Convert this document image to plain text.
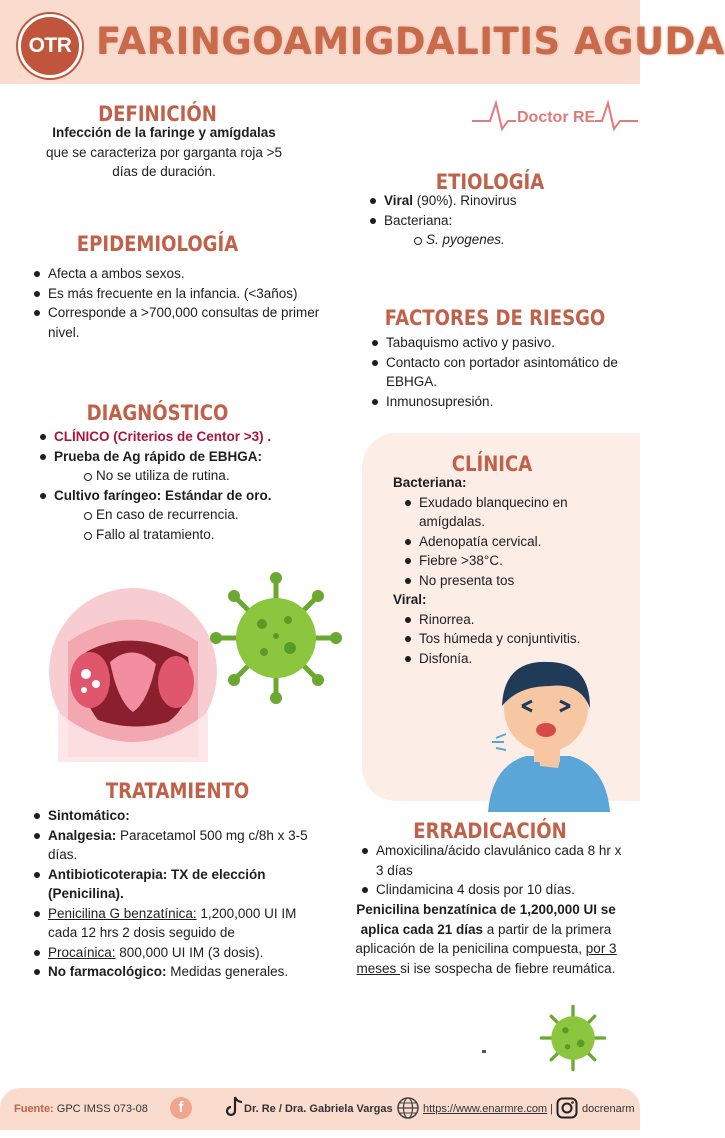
OTR FARINGOAMIGDALITIS AGUDA
Doctor RE
DEFINICIÓN
Infección de la faringe y amígdalas
que se caracteriza por garganta roja >5
días de duración.	ETIOLOGÍA
Viral (90%). Rinovirus
Bacteriana:
S. pyogenes.
EPIDEMIOLOGÍA
Afecta a ambos sexos.
Es más frecuente en la infancia. (<3años)
Corresponde a >700,000 consultas de primer nivel.
FACTORES DE RIESGO
Tabaquismo activo y pasivo.
Contacto con portador asintomático de EBHGA.
Inmunosupresión.
DIAGNÓSTICO
CLÍNICO (Criterios de Centor >3) .
Prueba de Ag rápido de EBHGA:
No se utiliza de rutina.
Cultivo faríngeo: Estándar de oro.
En caso de recurrencia.
Fallo al tratamiento.
CLÍNICA
Bacteriana:
Exudado blanquecino en amígdalas.
Adenopatía cervical.
Fiebre >38°C.
No presenta tos
Viral:
Rinorrea.
Tos húmeda y conjuntivitis.
Disfonía.
TRATAMIENTO
Sintomático:
Analgesia: Paracetamol 500 mg c/8h x 3-5 días.
Antibioticoterapia: TX de elección (Penicilina).
Penicilina G benzatínica: 1,200,000 UI IM cada 12 hrs 2 dosis seguido de
Procaínica: 800,000 UI IM (3 dosis).
No farmacológico: Medidas generales.
ERRADICACIÓN
Amoxicilina/ácido clavulánico cada 8 hr x 3 días
Clindamicina 4 dosis por 10 días.
Penicilina benzatínica de 1,200,000 UI se aplica cada 21 días a partir de la primera aplicación de la penicilina compuesta, por 3 meses si ise sospecha de fiebre reumática.
Fuente: GPC IMSS 073-08	f	Dr. Re / Dra. Gabriela Vargas	https://www.enarmre.com |	docrenarm
